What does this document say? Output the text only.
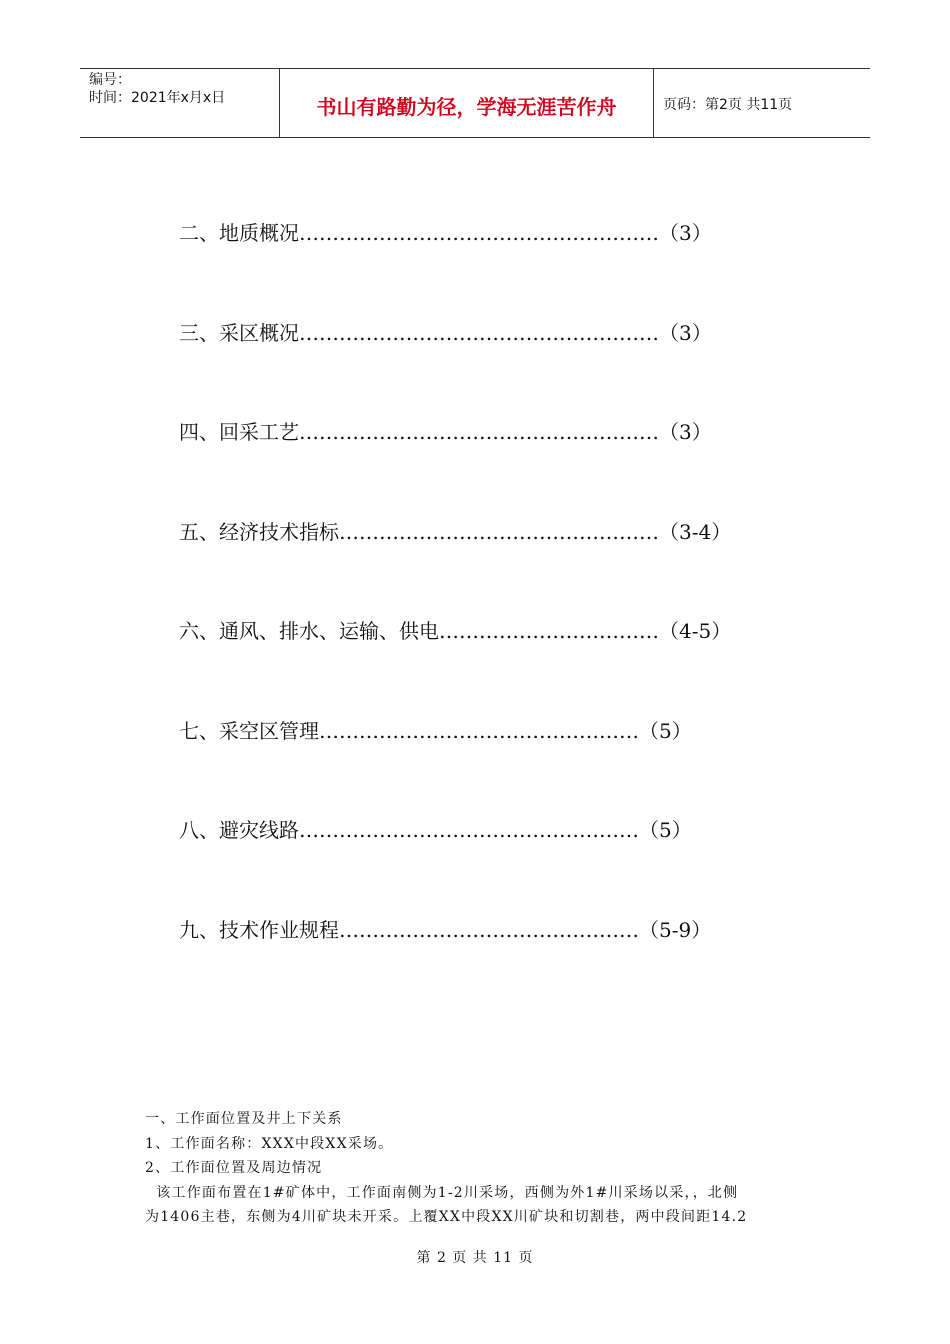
编号：
时间：2021年x月x日	书山有路勤为径，学海无涯苦作舟	页码：第2页 共11页
二、地质概况………………………………………………（3）
三、采区概况………………………………………………（3）
四、回采工艺………………………………………………（3）
五、经济技术指标…………………………………………（3-4）
六、通风、排水、运输、供电……………………………（4-5）
七、采空区管理…………………………………………（5）
八、避灾线路……………………………………………（5）
九、技术作业规程………………………………………（5-9）

一、工作面位置及井上下关系

1、工作面名称：XXX中段XX采场。

2、工作面位置及周边情况

该工作面布置在1#矿体中，工作面南侧为1-2川采场，西侧为外1#川采场以采，，北侧

为1406主巷，东侧为4川矿块未开采。上覆XX中段XX川矿块和切割巷，两中段间距14.2

第 2 页 共 11 页
